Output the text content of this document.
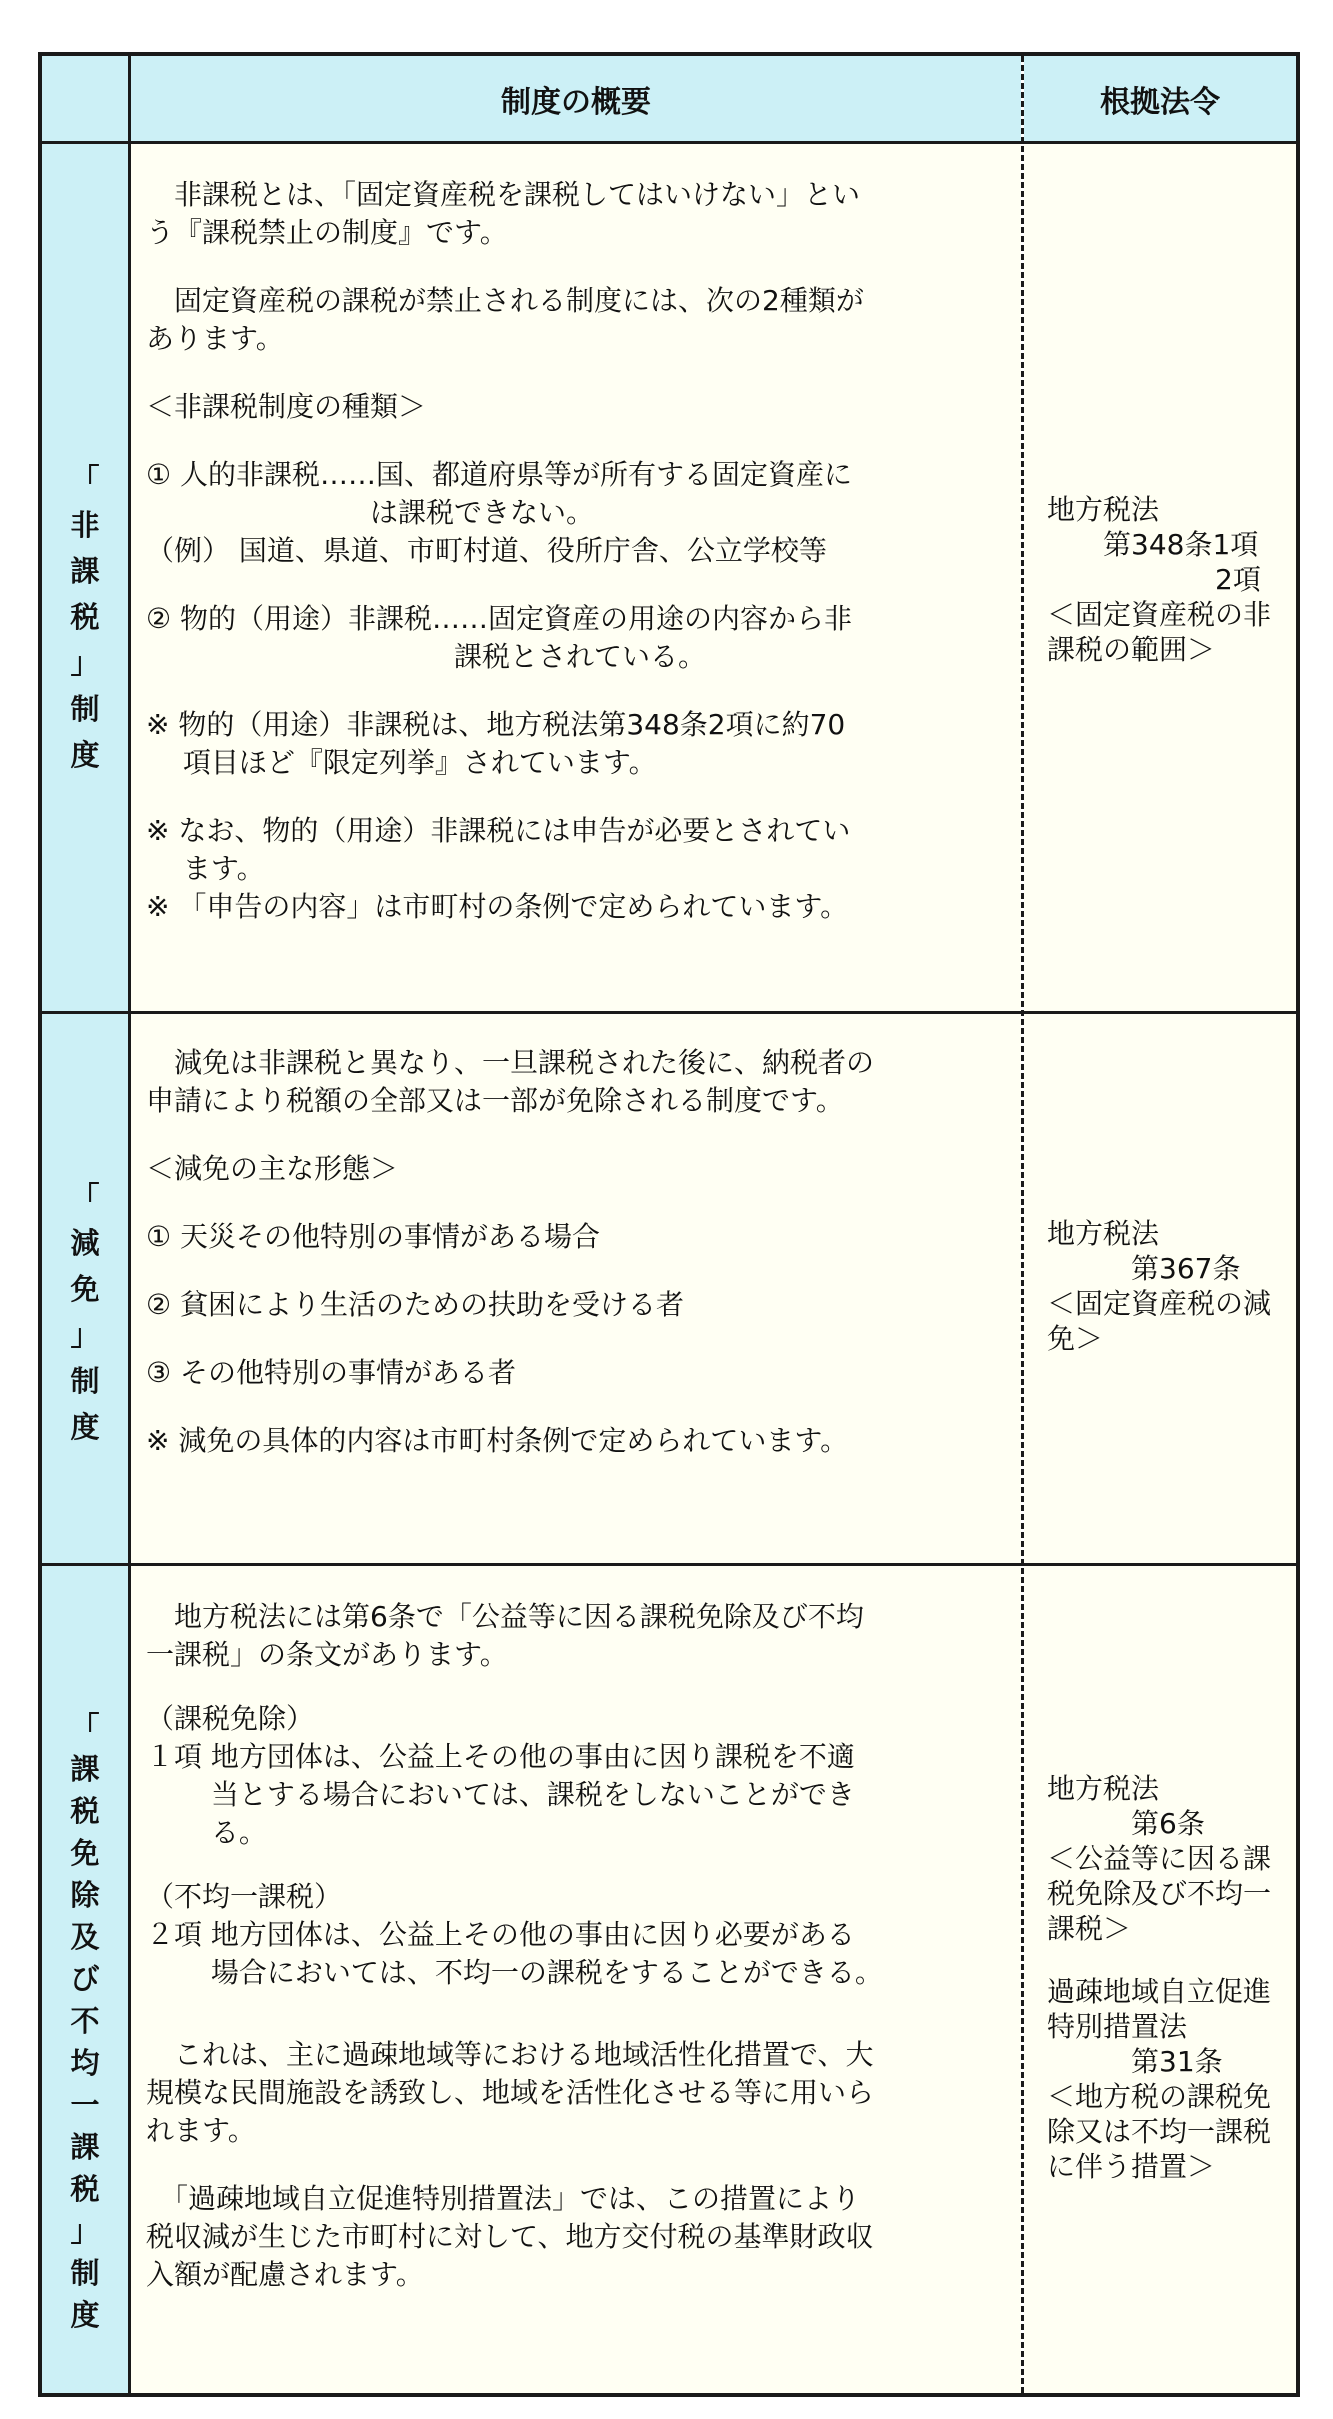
制度の概要	根拠法令
「
非
課
税
」
制
度

　非課税とは、「固定資産税を課税してはいけない」とい
う『課税禁止の制度』です。

　固定資産税の課税が禁止される制度には、次の2種類が
あります。

＜非課税制度の種類＞

① 人的非課税……国、都道府県等が所有する固定資産に
　　　　　　　　は課税できない。
（例） 国道、県道、市町村道、役所庁舎、公立学校等

② 物的（用途）非課税……固定資産の用途の内容から非
　　　　　　　　　　　課税とされている。

※ 物的（用途）非課税は、地方税法第348条2項に約70
　 項目ほど『限定列挙』されています。

※ なお、物的（用途）非課税には申告が必要とされてい
　 ます。
※ 「申告の内容」は市町村の条例で定められています。

地方税法
　　第348条1項
　　　　　　2項
＜固定資産税の非
課税の範囲＞

「
減
免
」
制
度

　減免は非課税と異なり、一旦課税された後に、納税者の
申請により税額の全部又は一部が免除される制度です。

＜減免の主な形態＞

① 天災その他特別の事情がある場合

② 貧困により生活のための扶助を受ける者

③ その他特別の事情がある者

※ 減免の具体的内容は市町村条例で定められています。

地方税法
　　　第367条
＜固定資産税の減
免＞

「
課
税
免
除
及
び
不
均
一
課
税
」
制
度

　地方税法には第6条で「公益等に因る課税免除及び不均
一課税」の条文があります。

（課税免除）
１項 地方団体は、公益上その他の事由に因り課税を不適
　　 当とする場合においては、課税をしないことができ
　　 る。

（不均一課税）
２項 地方団体は、公益上その他の事由に因り必要がある
　　 場合においては、不均一の課税をすることができる。

　これは、主に過疎地域等における地域活性化措置で、大
規模な民間施設を誘致し、地域を活性化させる等に用いら
れます。

　「過疎地域自立促進特別措置法」では、この措置により
税収減が生じた市町村に対して、地方交付税の基準財政収
入額が配慮されます。

地方税法
　　　第6条
＜公益等に因る課
税免除及び不均一
課税＞

過疎地域自立促進
特別措置法
　　　第31条
＜地方税の課税免
除又は不均一課税
に伴う措置＞
